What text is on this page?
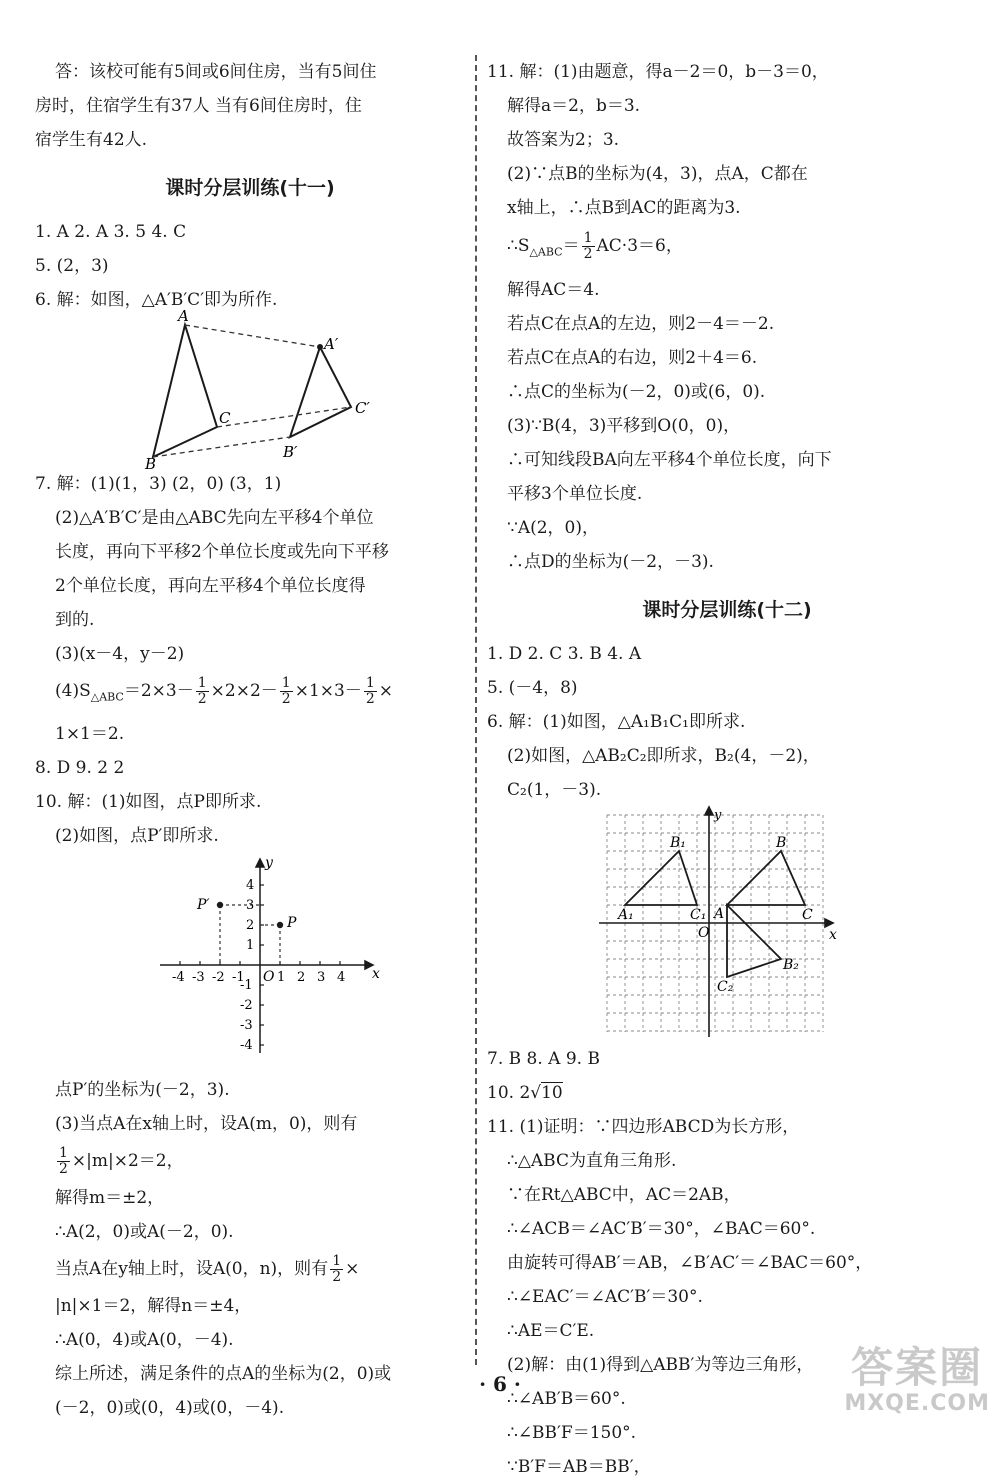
答：该校可能有5间或6间住房，当有5间住

房时，住宿学生有37人 当有6间住房时，住

宿学生有42人.

课时分层训练(十一)

1. A 2. A 3. 5 4. C

5. (2，3)

6. 解：如图，△A′B′C′即为所作.

A
B
C
A′
B′
C′

7. 解：(1)(1，3) (2，0) (3，1)

(2)△A′B′C′是由△ABC先向左平移4个单位

长度，再向下平移2个单位长度或先向下平移

2个单位长度，再向左平移4个单位长度得

到的.

(3)(x－4，y－2)

$(4)S_{\triangle ABC}=2\times 3- \frac{1}{2} \times 2\times 2- \frac{1}{2} \times 1\times 3- \frac{1}{2}$ ×

1×1＝2.

8. D 9. 2 2

10. 解：(1)如图，点P即所求.

(2)如图，点P′即所求.

P′
P
x
y
O
-4 -3 -2 -1 1 2 3 4
4
3
2
1
-1
-2
-3
-4

点P′的坐标为(－2，3).

(3)当点A在x轴上时，设A(m，0)，则有

$\frac{1}{2} \times|m|\times 2=2$，

解得m＝±2，

∴A(2，0)或A(－2，0).

当点A在y轴上时，设A(0，n)，则有 $\frac{1}{2}$ ×

|n|×1＝2，解得n＝±4，

∴A(0，4)或A(0，－4).

综上所述，满足条件的点A的坐标为(2，0)或

(－2，0)或(0，4)或(0，－4).

11. 解：(1)由题意，得a－2＝0，b－3＝0，

解得a＝2，b＝3.

故答案为2；3.

(2)∵点B的坐标为(4，3)，点A，C都在

x轴上，∴点B到AC的距离为3.

$\therefore S_{\triangle ABC}= \frac{1}{2} AC\cdot 3=6$，

解得AC＝4.

若点C在点A的左边，则2－4＝－2.

若点C在点A的右边，则2＋4＝6.

∴点C的坐标为(－2，0)或(6，0).

(3)∵B(4，3)平移到O(0，0)，

∴可知线段BA向左平移4个单位长度，向下

平移3个单位长度.

∵A(2，0)，

∴点D的坐标为(－2，－3).

课时分层训练(十二)

1. D 2. C 3. B 4. A

5. (－4，8)

6. 解：(1)如图，△A₁B₁C₁即所求.

(2)如图，△AB₂C₂即所求，B₂(4，－2)，

C₂(1，－3).

y
x
O
A₁
B₁
C₁ A
B
C
B₂
C₂

7. B 8. A 9. B

10. 2√10

11. (1)证明：∵四边形ABCD为长方形，

∴△ABC为直角三角形.

∵在Rt△ABC中，AC＝2AB，

∴∠ACB＝∠AC′B′＝30°，∠BAC＝60°.

由旋转可得AB′＝AB，∠B′AC′＝∠BAC＝60°，

∴∠EAC′＝∠AC′B′＝30°.

∴AE＝C′E.

(2)解：由(1)得到△ABB′为等边三角形，

∴∠AB′B＝60°.

∴∠BB′F＝150°.

∵B′F＝AB＝BB′，

· 6 ·	答案圈
MXQE.COM
